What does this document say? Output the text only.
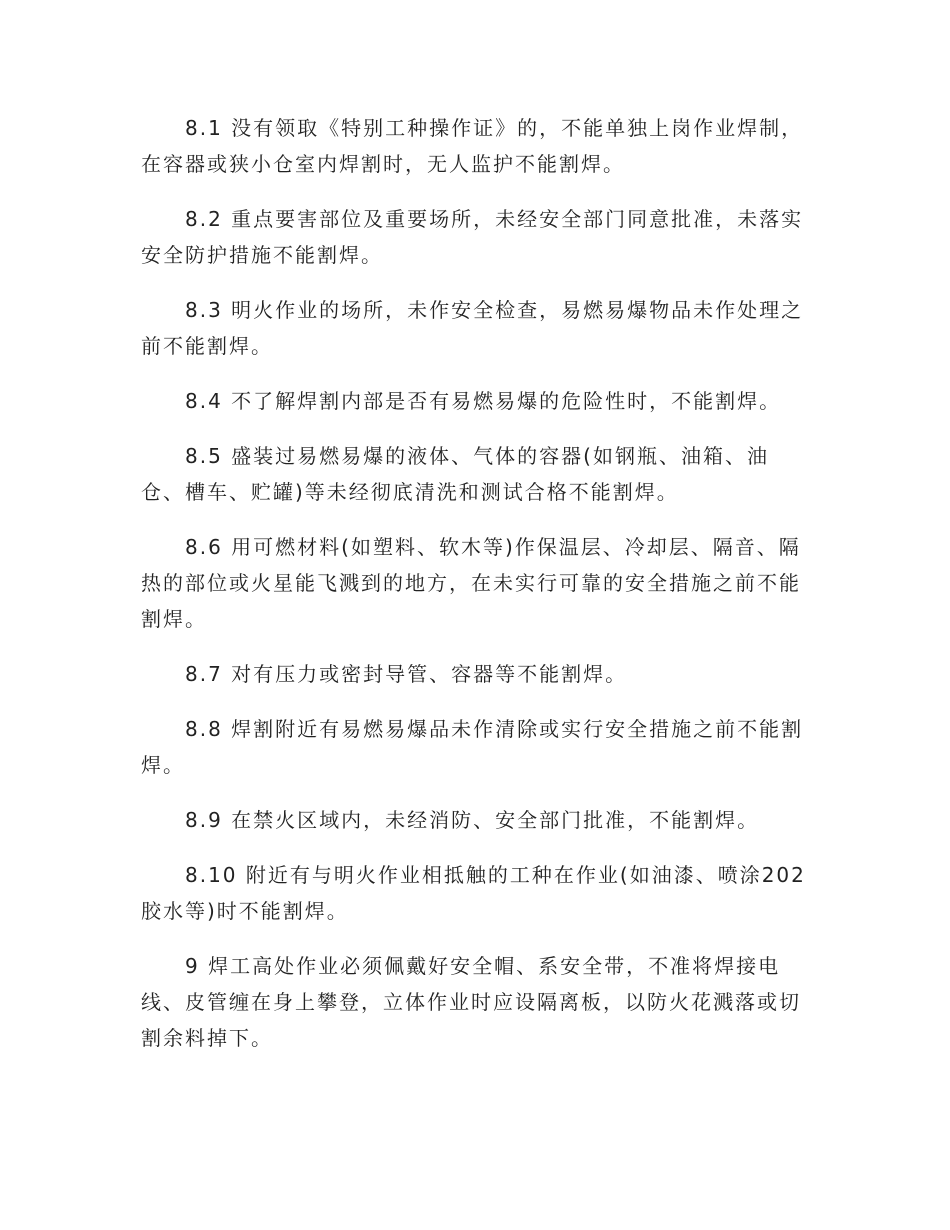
8.1 没有领取《特别工种操作证》的，不能单独上岗作业焊制，在容器或狭小仓室内焊割时，无人监护不能割焊。

8.2 重点要害部位及重要场所，未经安全部门同意批准，未落实安全防护措施不能割焊。

8.3 明火作业的场所，未作安全检查，易燃易爆物品未作处理之前不能割焊。

8.4 不了解焊割内部是否有易燃易爆的危险性时，不能割焊。

8.5 盛装过易燃易爆的液体、气体的容器(如钢瓶、油箱、油仓、槽车、贮罐)等未经彻底清洗和测试合格不能割焊。

8.6 用可燃材料(如塑料、软木等)作保温层、冷却层、隔音、隔热的部位或火星能飞溅到的地方，在未实行可靠的安全措施之前不能割焊。

8.7 对有压力或密封导管、容器等不能割焊。

8.8 焊割附近有易燃易爆品未作清除或实行安全措施之前不能割焊。

8.9 在禁火区域内，未经消防、安全部门批准，不能割焊。

8.10 附近有与明火作业相抵触的工种在作业(如油漆、喷涂202胶水等)时不能割焊。

9 焊工高处作业必须佩戴好安全帽、系安全带，不准将焊接电线、皮管缠在身上攀登，立体作业时应设隔离板，以防火花溅落或切割余料掉下。
